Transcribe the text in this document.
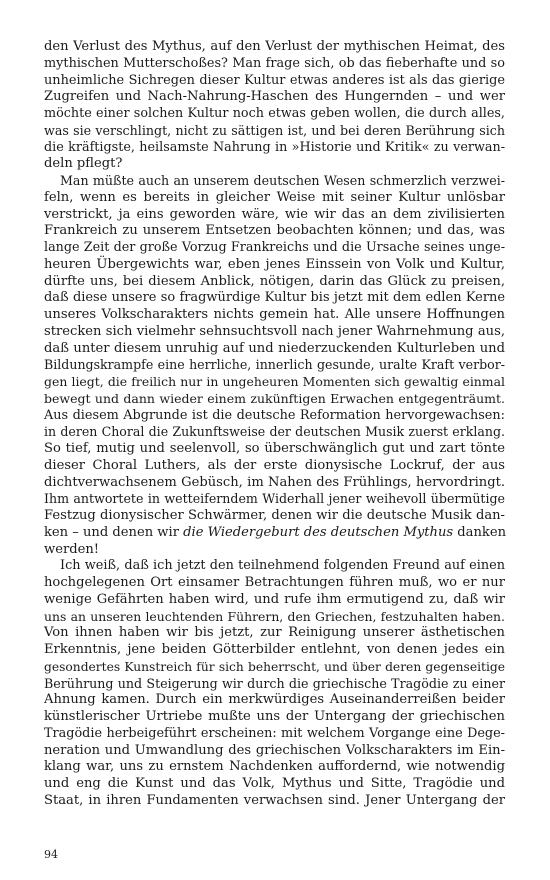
den Verlust des Mythus, auf den Verlust der mythischen Heimat, des
mythischen Mutterschoßes? Man frage sich, ob das fieberhafte und so
unheimliche Sichregen dieser Kultur etwas anderes ist als das gierige
Zugreifen und Nach-Nahrung-Haschen des Hungernden – und wer
möchte einer solchen Kultur noch etwas geben wollen, die durch alles,
was sie verschlingt, nicht zu sättigen ist, und bei deren Berührung sich
die kräftigste, heilsamste Nahrung in »Historie und Kritik« zu verwan-
deln pflegt?
Man müßte auch an unserem deutschen Wesen schmerzlich verzwei-
feln, wenn es bereits in gleicher Weise mit seiner Kultur unlösbar
verstrickt, ja eins geworden wäre, wie wir das an dem zivilisierten
Frankreich zu unserem Entsetzen beobachten können; und das, was
lange Zeit der große Vorzug Frankreichs und die Ursache seines unge-
heuren Übergewichts war, eben jenes Einssein von Volk und Kultur,
dürfte uns, bei diesem Anblick, nötigen, darin das Glück zu preisen,
daß diese unsere so fragwürdige Kultur bis jetzt mit dem edlen Kerne
unseres Volkscharakters nichts gemein hat. Alle unsere Hoffnungen
strecken sich vielmehr sehnsuchtsvoll nach jener Wahrnehmung aus,
daß unter diesem unruhig auf und niederzuckenden Kulturleben und
Bildungskrampfe eine herrliche, innerlich gesunde, uralte Kraft verbor-
gen liegt, die freilich nur in ungeheuren Momenten sich gewaltig einmal
bewegt und dann wieder einem zukünftigen Erwachen entgegenträumt.
Aus diesem Abgrunde ist die deutsche Reformation hervorgewachsen:
in deren Choral die Zukunftsweise der deutschen Musik zuerst erklang.
So tief, mutig und seelenvoll, so überschwänglich gut und zart tönte
dieser Choral Luthers, als der erste dionysische Lockruf, der aus
dichtverwachsenem Gebüsch, im Nahen des Frühlings, hervordringt.
Ihm antwortete in wetteiferndem Widerhall jener weihevoll übermütige
Festzug dionysischer Schwärmer, denen wir die deutsche Musik dan-
ken – und denen wir die Wiedergeburt des deutschen Mythus danken
werden!
Ich weiß, daß ich jetzt den teilnehmend folgenden Freund auf einen
hochgelegenen Ort einsamer Betrachtungen führen muß, wo er nur
wenige Gefährten haben wird, und rufe ihm ermutigend zu, daß wir
uns an unseren leuchtenden Führern, den Griechen, festzuhalten haben.
Von ihnen haben wir bis jetzt, zur Reinigung unserer ästhetischen
Erkenntnis, jene beiden Götterbilder entlehnt, von denen jedes ein
gesondertes Kunstreich für sich beherrscht, und über deren gegenseitige
Berührung und Steigerung wir durch die griechische Tragödie zu einer
Ahnung kamen. Durch ein merkwürdiges Auseinanderreißen beider
künstlerischer Urtriebe mußte uns der Untergang der griechischen
Tragödie herbeigeführt erscheinen: mit welchem Vorgange eine Dege-
neration und Umwandlung des griechischen Volkscharakters im Ein-
klang war, uns zu ernstem Nachdenken auffordernd, wie notwendig
und eng die Kunst und das Volk, Mythus und Sitte, Tragödie und
Staat, in ihren Fundamenten verwachsen sind. Jener Untergang der
94
